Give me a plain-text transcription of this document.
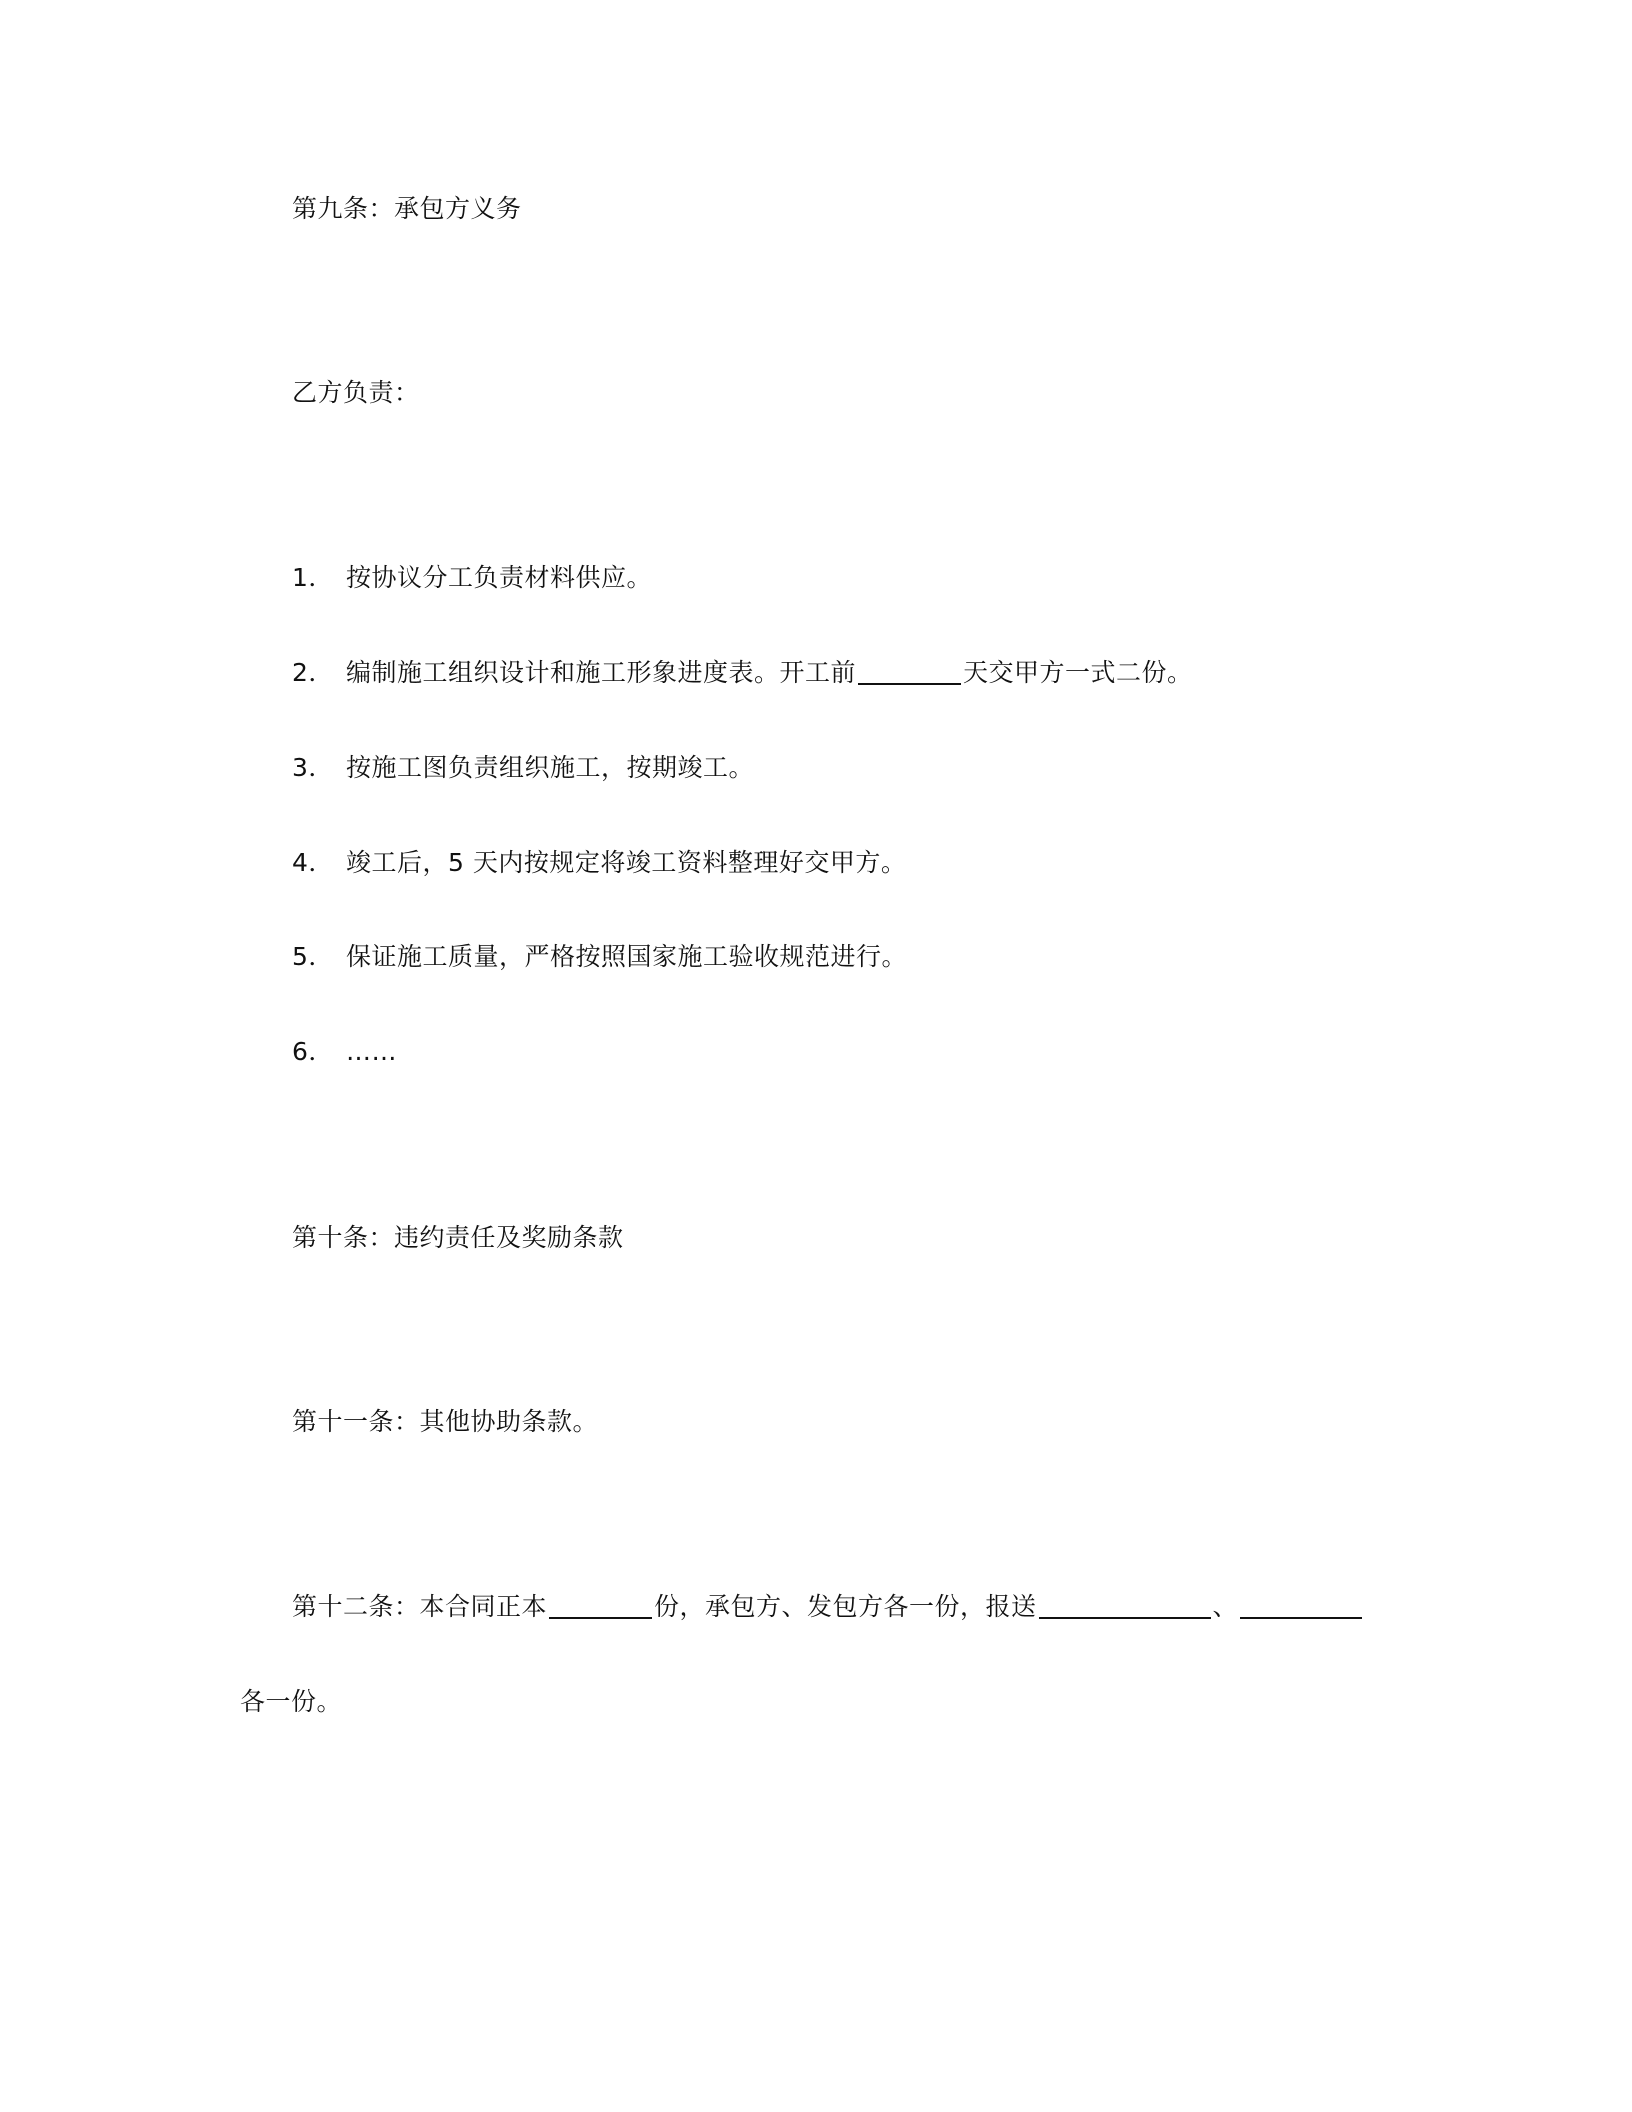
第九条：承包方义务
乙方负责：
1． 按协议分工负责材料供应。
2． 编制施工组织设计和施工形象进度表。开工前	天交甲方一式二份。
3． 按施工图负责组织施工，按期竣工。
4． 竣工后，5 天内按规定将竣工资料整理好交甲方。
5． 保证施工质量，严格按照国家施工验收规范进行。
6． ……
第十条：违约责任及奖励条款
第十一条：其他协助条款。
第十二条：本合同正本	份，承包方、发包方各一份，报送	、
各一份。
